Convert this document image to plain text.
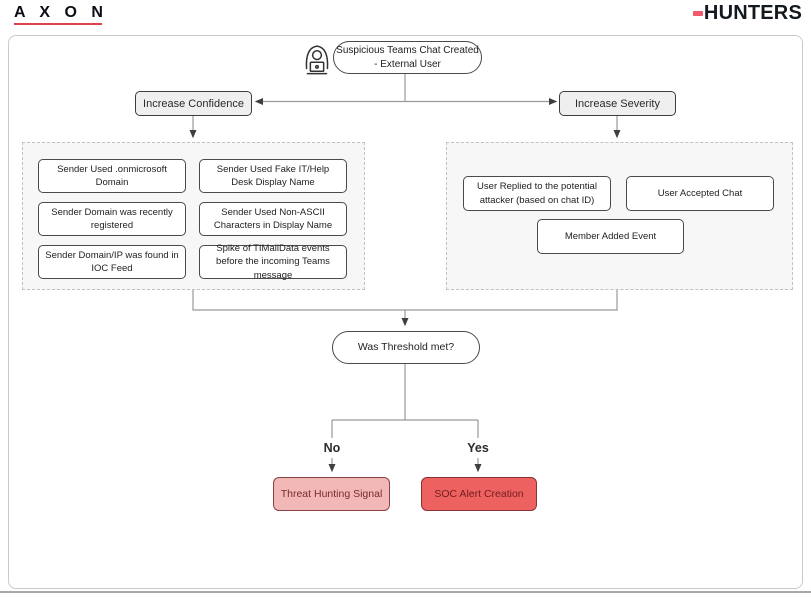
A X O N	HUNTERS
Suspicious Teams Chat Created
- External User
Increase Confidence	Increase Severity
Sender Used .onmicrosoft Domain
Sender Used Fake IT/Help Desk Display Name
Sender Domain was recently registered
Sender Used Non-ASCII Characters in Display Name
Sender Domain/IP was found in IOC Feed
Spike of TIMailData events before the incoming Teams message
User Replied to the potential attacker (based on chat ID)
User Accepted Chat
Member Added Event
Was Threshold met?
No	Yes
Threat Hunting Signal	SOC Alert Creation
